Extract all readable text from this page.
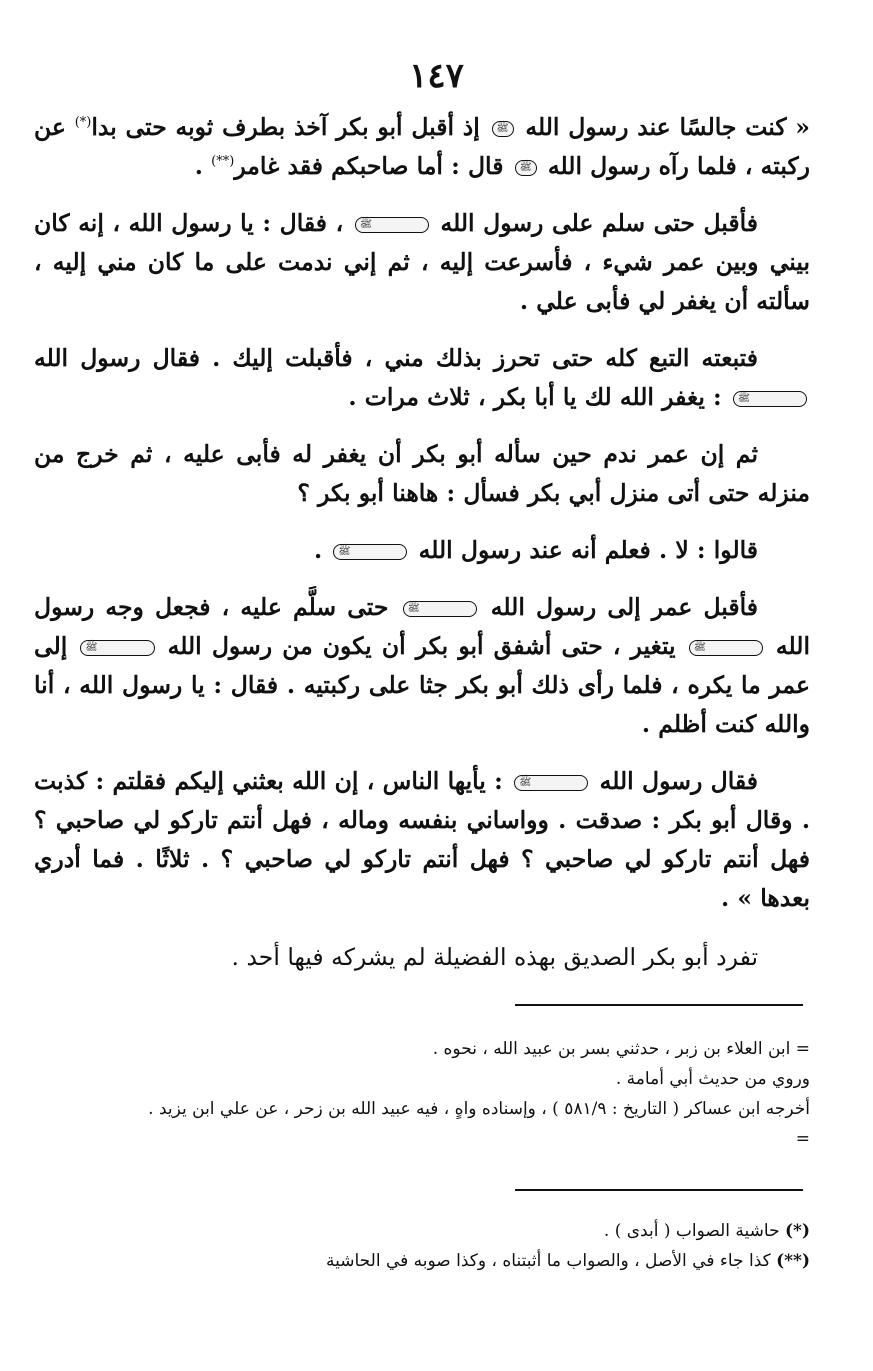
١٤٧

« كنت جالسًا عند رسول الله ﷺ إذ أقبل أبو بكر آخذ بطرف ثوبه حتى بدا(*) عن ركبته ، فلما رآه رسول الله ﷺ قال : أما صاحبكم فقد غامر(**) .

فأقبل حتى سلم على رسول الله ﷺ ، فقال : يا رسول الله ، إنه كان بيني وبين عمر شيء ، فأسرعت إليه ، ثم إني ندمت على ما كان مني إليه ، سألته أن يغفر لي فأبى علي .

فتبعته التبع كله حتى تحرز بذلك مني ، فأقبلت إليك . فقال رسول الله ﷺ : يغفر الله لك يا أبا بكر ، ثلاث مرات .

ثم إن عمر ندم حين سأله أبو بكر أن يغفر له فأبى عليه ، ثم خرج من منزله حتى أتى منزل أبي بكر فسأل : هاهنا أبو بكر ؟

قالوا : لا . فعلم أنه عند رسول الله ﷺ .

فأقبل عمر إلى رسول الله ﷺ حتى سلَّم عليه ، فجعل وجه رسول الله ﷺ يتغير ، حتى أشفق أبو بكر أن يكون من رسول الله ﷺ إلى عمر ما يكره ، فلما رأى ذلك أبو بكر جثا على ركبتيه . فقال : يا رسول الله ، أنا والله كنت أظلم .

فقال رسول الله ﷺ : يأيها الناس ، إن الله بعثني إليكم فقلتم : كذبت . وقال أبو بكر : صدقت . وواساني بنفسه وماله ، فهل أنتم تاركو لي صاحبي ؟ فهل أنتم تاركو لي صاحبي ؟ فهل أنتم تاركو لي صاحبي ؟ . ثلاثًا . فما أدري بعدها » .

تفرد أبو بكر الصديق بهذه الفضيلة لم يشركه فيها أحد .

= ابن العلاء بن زبر ، حدثني بسر بن عبيد الله ، نحوه .
وروي من حديث أبي أمامة .
أخرجه ابن عساكر ( التاريخ : ٥٨١/٩ ) ، وإسناده واهٍ ، فيه عبيد الله بن زحر ، عن علي ابن يزيد .
=
(*) حاشية الصواب ( أبدى ) .
(**) كذا جاء في الأصل ، والصواب ما أثبتناه ، وكذا صوبه في الحاشية
